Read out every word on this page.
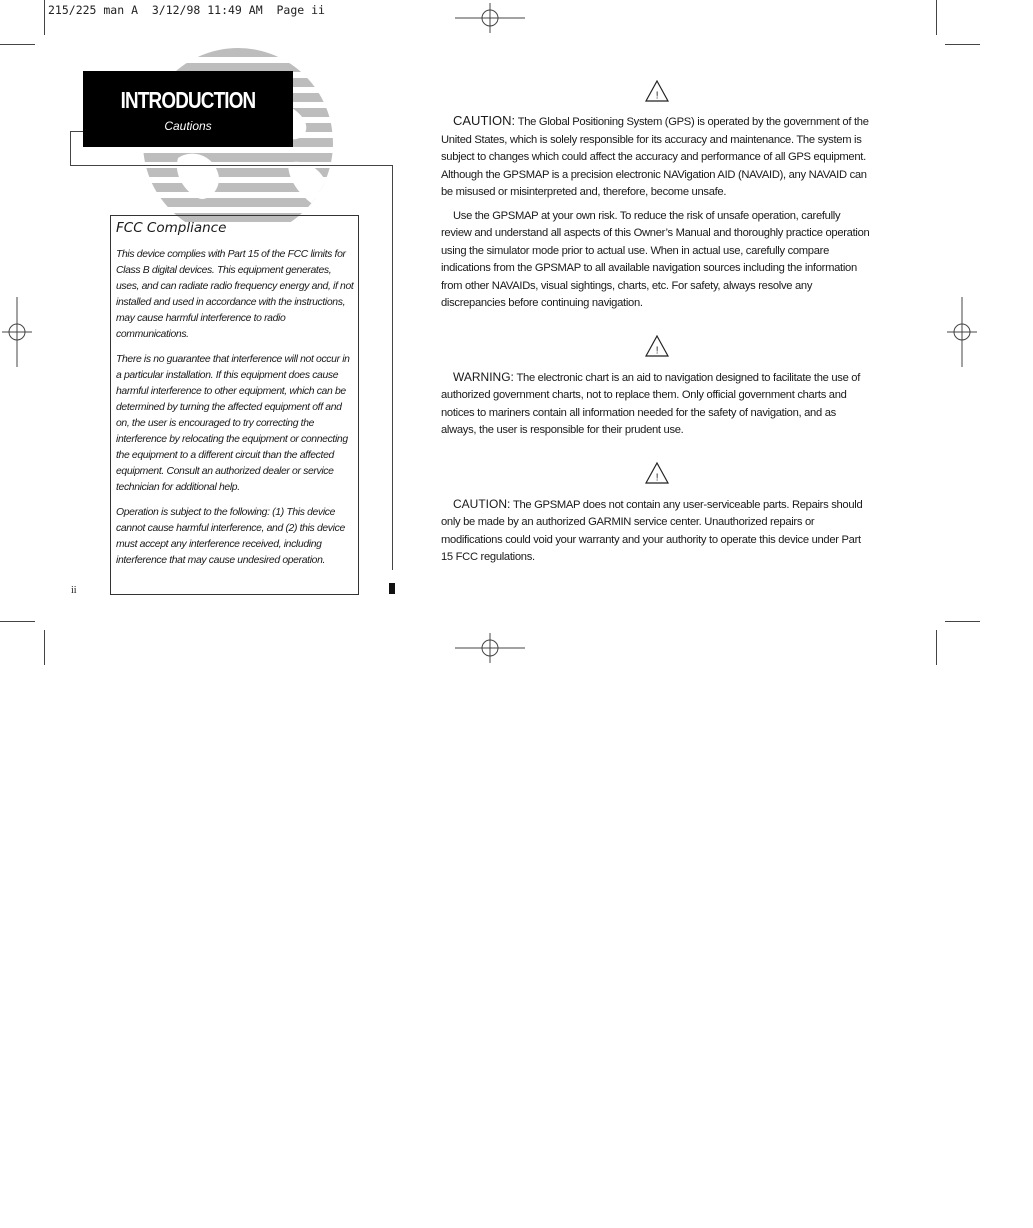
215/225 man A  3/12/98 11:49 AM  Page ii
INTRODUCTION
Cautions
FCC Compliance

This device complies with Part 15 of the FCC limits for Class B digital devices. This equipment generates, uses, and can radiate radio frequency energy and, if not installed and used in accordance with the instructions, may cause harmful interference to radio communications.

There is no guarantee that interference will not occur in a particular installation. If this equipment does cause harmful interference to other equipment, which can be determined by turning the affected equipment off and on, the user is encouraged to try correcting the interference by relocating the equipment or connecting the equipment to a different circuit than the affected equipment. Consult an authorized dealer or service technician for additional help.

Operation is subject to the following: (1) This device cannot cause harmful interference, and (2) this device must accept any interference received, including interference that may cause undesired operation.

ii
!

CAUTION: The Global Positioning System (GPS) is operated by the government of the United States, which is solely responsible for its accuracy and maintenance. The system is subject to changes which could affect the accuracy and performance of all GPS equipment. Although the GPSMAP is a precision electronic NAVigation AID (NAVAID), any NAVAID can be misused or misinterpreted and, therefore, become unsafe.

Use the GPSMAP at your own risk. To reduce the risk of unsafe operation, carefully review and understand all aspects of this Owner’s Manual and thoroughly practice operation using the simulator mode prior to actual use. When in actual use, carefully compare indications from the GPSMAP to all available navigation sources including the information from other NAVAIDs, visual sightings, charts, etc. For safety, always resolve any discrepancies before continuing navigation.

!

WARNING: The electronic chart is an aid to navigation designed to facilitate the use of authorized government charts, not to replace them. Only official government charts and notices to mariners contain all information needed for the safety of navigation, and as always, the user is responsible for their prudent use.

!

CAUTION: The GPSMAP does not contain any user-serviceable parts. Repairs should only be made by an authorized GARMIN service center. Unauthorized repairs or modifications could void your warranty and your authority to operate this device under Part 15 FCC regulations.
